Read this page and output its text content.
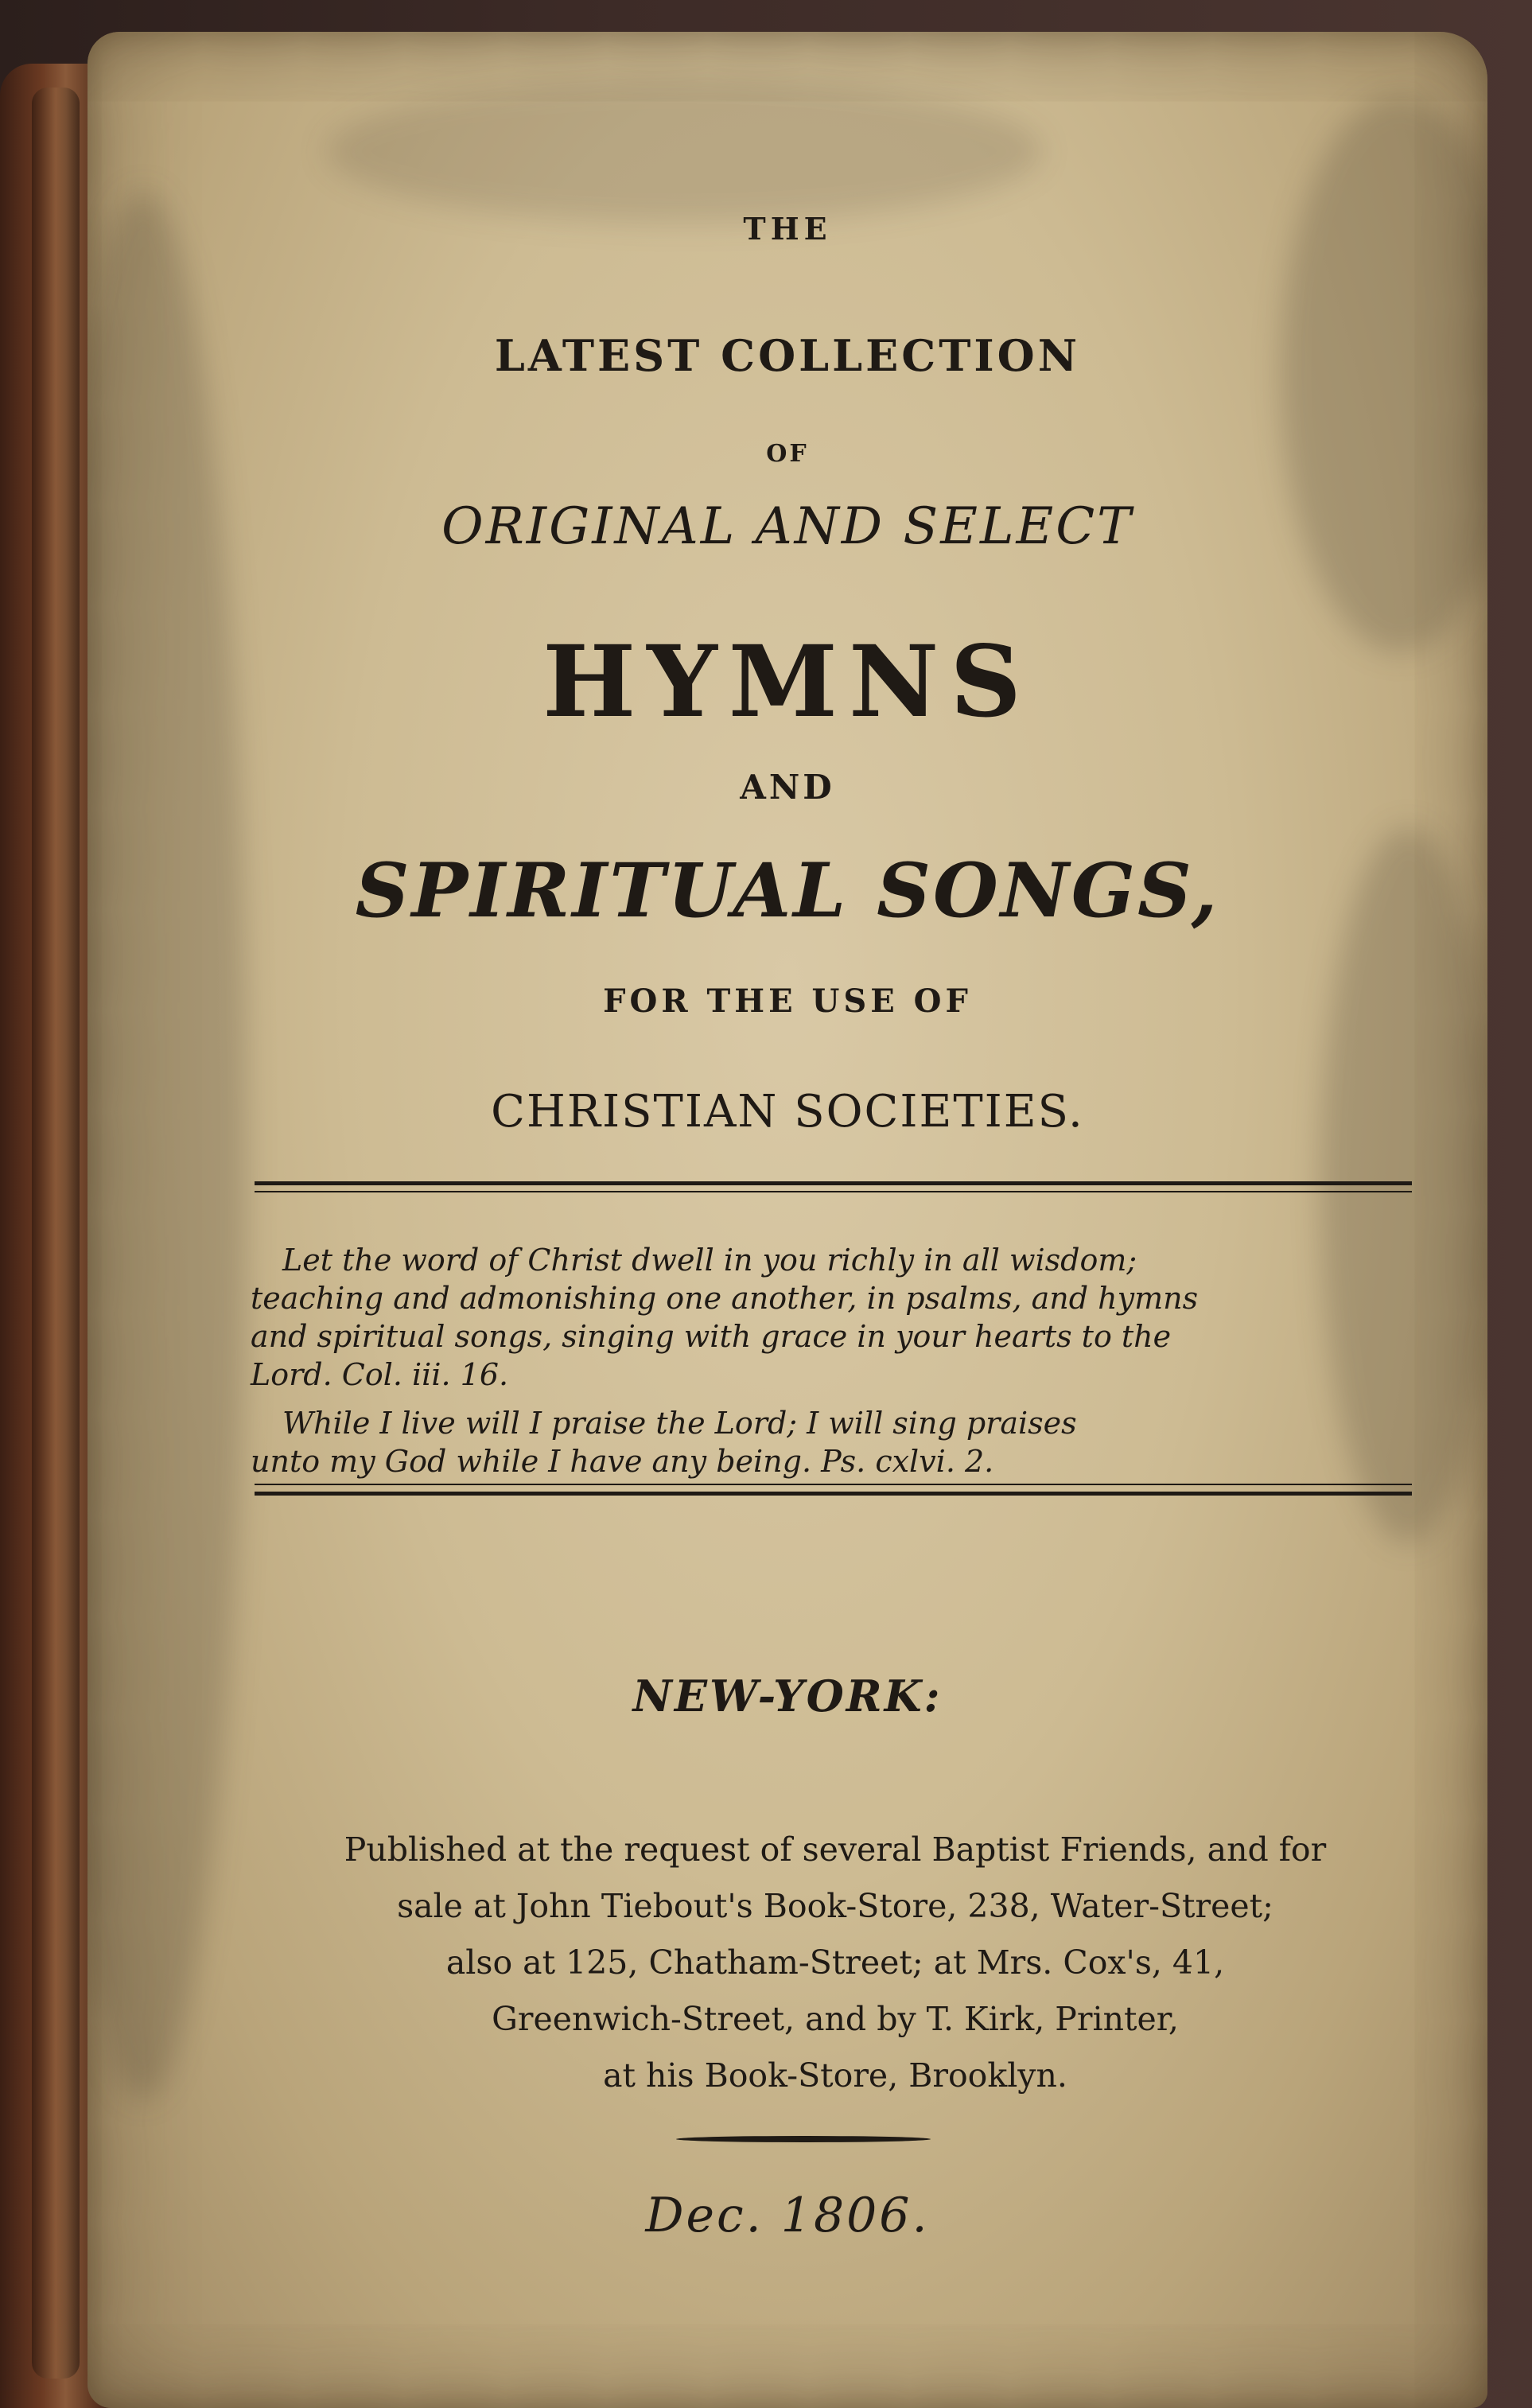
THE
LATEST COLLECTION
OF
ORIGINAL AND SELECT
HYMNS
AND
SPIRITUAL SONGS,
FOR THE USE OF
CHRISTIAN SOCIETIES.
Let the word of Christ dwell in you richly in all wisdom;
teaching and admonishing one another, in psalms, and hymns
and spiritual songs, singing with grace in your hearts to the
Lord. Col. iii. 16.
While I live will I praise the Lord; I will sing praises
unto my God while I have any being. Ps. cxlvi. 2.
NEW-YORK:
Published at the request of several Baptist Friends, and for
sale at John Tiebout's Book-Store, 238, Water-Street;
also at 125, Chatham-Street; at Mrs. Cox's, 41,
Greenwich-Street, and by T. Kirk, Printer,
at his Book-Store, Brooklyn.
Dec. 1806.
